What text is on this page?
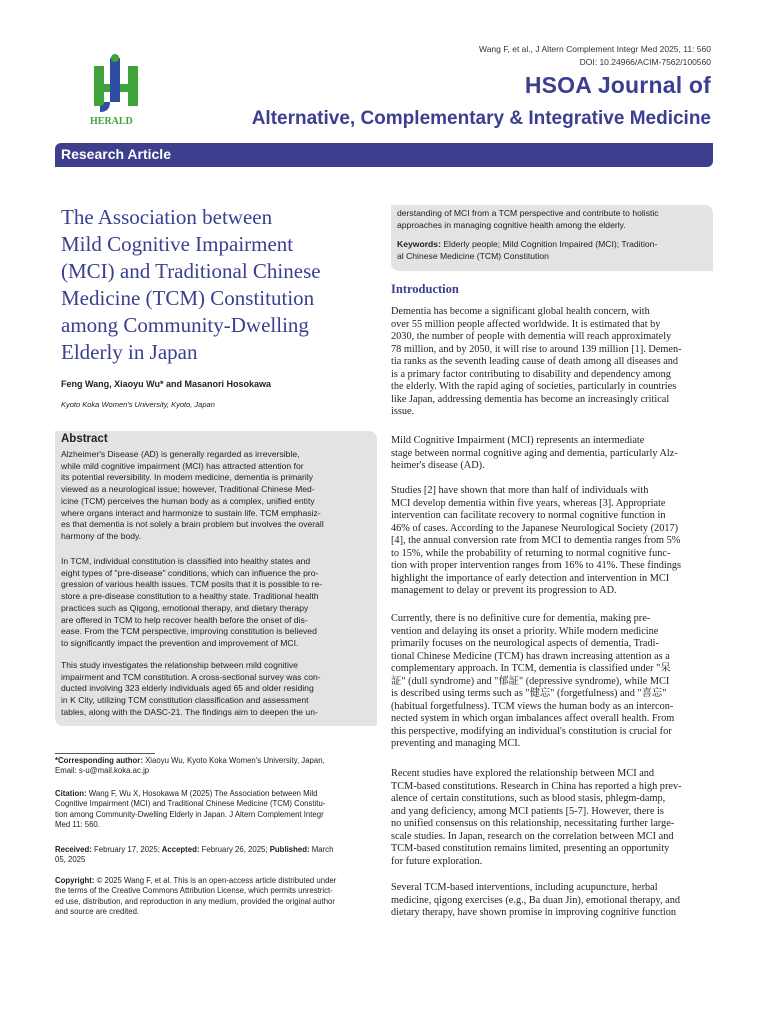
Wang F, et al., J Altern Complement Integr Med 2025, 11: 560
DOI: 10.24966/ACIM-7562/100560
HERALD
HSOA Journal of
Alternative, Complementary & Integrative Medicine
Research Article
The Association between
Mild Cognitive Impairment
(MCI) and Traditional Chinese
Medicine (TCM) Constitution
among Community-Dwelling
Elderly in Japan
Feng Wang, Xiaoyu Wu* and Masanori Hosokawa
Kyoto Koka Women's University, Kyoto, Japan
Abstract

Alzheimer's Disease (AD) is generally regarded as irreversible,
while mild cognitive impairment (MCI) has attracted attention for
its potential reversibility. In modern medicine, dementia is primarily
viewed as a neurological issue; however, Traditional Chinese Med-
icine (TCM) perceives the human body as a complex, unified entity
where organs interact and harmonize to sustain life. TCM emphasiz-
es that dementia is not solely a brain problem but involves the overall
harmony of the body.

In TCM, individual constitution is classified into healthy states and
eight types of "pre-disease" conditions, which can influence the pro-
gression of various health issues. TCM posits that it is possible to re-
store a pre-disease constitution to a healthy state. Traditional health
practices such as Qigong, emotional therapy, and dietary therapy
are offered in TCM to help recover health before the onset of dis-
ease. From the TCM perspective, improving constitution is believed
to significantly impact the prevention and improvement of MCI.

This study investigates the relationship between mild cognitive
impairment and TCM constitution. A cross-sectional survey was con-
ducted involving 323 elderly individuals aged 65 and older residing
in K City, utilizing TCM constitution classification and assessment
tables, along with the DASC-21. The findings aim to deepen the un-

*Corresponding author: Xiaoyu Wu, Kyoto Koka Women's University, Japan,
Email: s-u@mail.koka.ac.jp

Citation: Wang F, Wu X, Hosokawa M (2025) The Association between Mild
Cognitive Impairment (MCI) and Traditional Chinese Medicine (TCM) Constitu-
tion among Community-Dwelling Elderly in Japan. J Altern Complement Integr
Med 11: 560.

Received: February 17, 2025; Accepted: February 26, 2025; Published: March
05, 2025

Copyright: © 2025 Wang F, et al. This is an open-access article distributed under
the terms of the Creative Commons Attribution License, which permits unrestrict-
ed use, distribution, and reproduction in any medium, provided the original author
and source are credited.

derstanding of MCI from a TCM perspective and contribute to holistic
approaches in managing cognitive health among the elderly.

Keywords: Elderly people; Mild Cognition Impaired (MCI); Tradition-
al Chinese Medicine (TCM) Constitution

Introduction

Dementia has become a significant global health concern, with
over 55 million people affected worldwide. It is estimated that by
2030, the number of people with dementia will reach approximately
78 million, and by 2050, it will rise to around 139 million [1]. Demen-
tia ranks as the seventh leading cause of death among all diseases and
is a primary factor contributing to disability and dependency among
the elderly. With the rapid aging of societies, particularly in countries
like Japan, addressing dementia has become an increasingly critical
issue.

Mild Cognitive Impairment (MCI) represents an intermediate
stage between normal cognitive aging and dementia, particularly Alz-
heimer's disease (AD).

Studies [2] have shown that more than half of individuals with
MCI develop dementia within five years, whereas [3]. Appropriate
intervention can facilitate recovery to normal cognitive function in
46% of cases. According to the Japanese Neurological Society (2017)
[4], the annual conversion rate from MCI to dementia ranges from 5%
to 15%, while the probability of returning to normal cognitive func-
tion with proper intervention ranges from 16% to 41%. These findings
highlight the importance of early detection and intervention in MCI
management to delay or prevent its progression to AD.

Currently, there is no definitive cure for dementia, making pre-
vention and delaying its onset a priority. While modern medicine
primarily focuses on the neurological aspects of dementia, Tradi-
tional Chinese Medicine (TCM) has drawn increasing attention as a
complementary approach. In TCM, dementia is classified under "呆
証" (dull syndrome) and "郁証" (depressive syndrome), while MCI
is described using terms such as "健忘" (forgetfulness) and "喜忘"
(habitual forgetfulness). TCM views the human body as an intercon-
nected system in which organ imbalances affect overall health. From
this perspective, modifying an individual's constitution is crucial for
preventing and managing MCI.

Recent studies have explored the relationship between MCI and
TCM-based constitutions. Research in China has reported a high prev-
alence of certain constitutions, such as blood stasis, phlegm-damp,
and yang deficiency, among MCI patients [5-7]. However, there is
no unified consensus on this relationship, necessitating further large-
scale studies. In Japan, research on the correlation between MCI and
TCM-based constitution remains limited, presenting an opportunity
for future exploration.

Several TCM-based interventions, including acupuncture, herbal
medicine, qigong exercises (e.g., Ba duan Jin), emotional therapy, and
dietary therapy, have shown promise in improving cognitive function
